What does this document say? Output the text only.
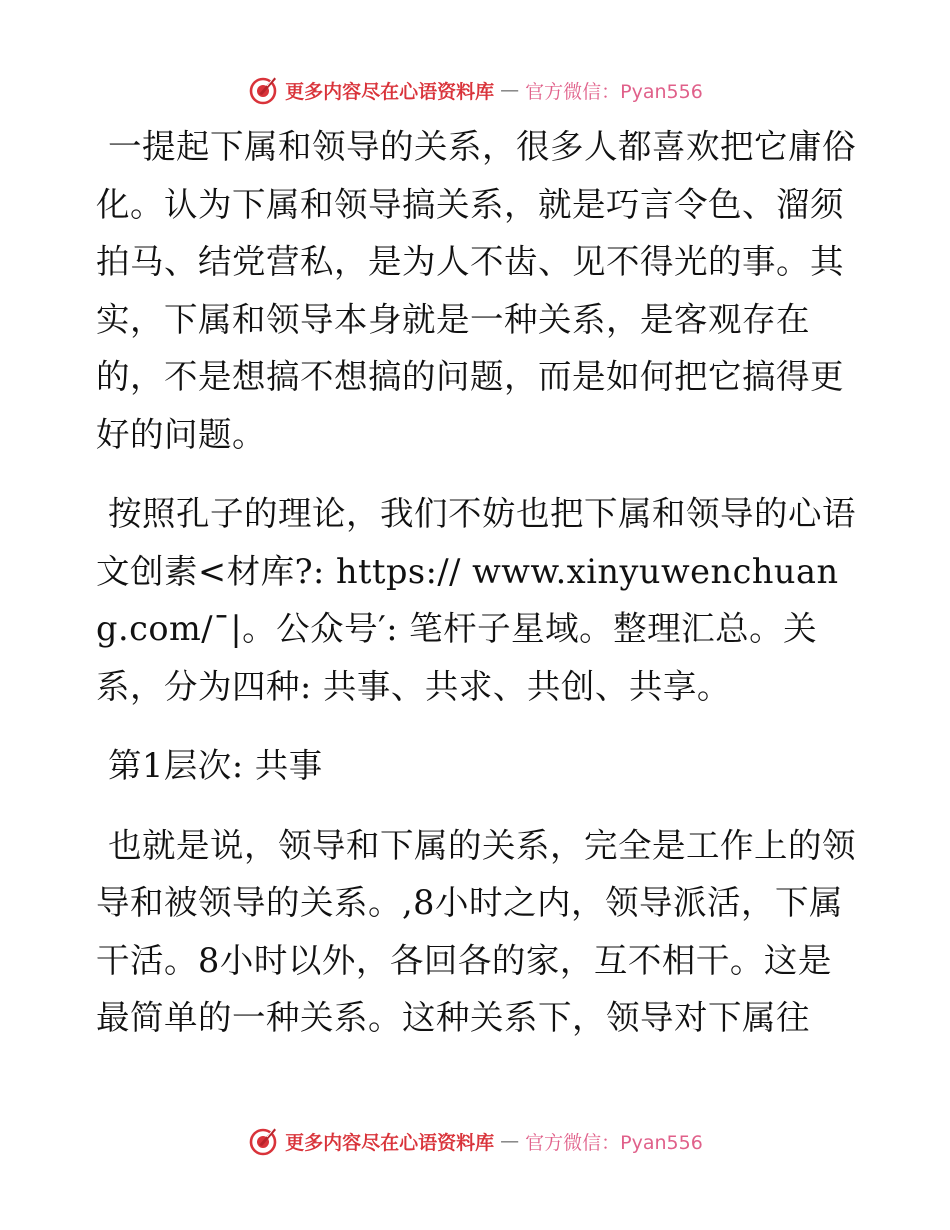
更多内容尽在心语资料库 — 官方微信：Pyan556

一提起下属和领导的关系，很多人都喜欢把它庸俗化。认为下属和领导搞关系，就是巧言令色、溜须拍马、结党营私，是为人不齿、见不得光的事。其实，下属和领导本身就是一种关系，是客观存在的，不是想搞不想搞的问题，而是如何把它搞得更好的问题。

按照孔子的理论，我们不妨也把下属和领导的心语文创素<材库?: https:// www.xinyuwenchuang.com/¯|。公众号′: 笔杆子星域。整理汇总。关系，分为四种: 共事、共求、共创、共享。

第1层次: 共事

也就是说，领导和下属的关系，完全是工作上的领导和被领导的关系。,8小时之内，领导派活，下属干活。8小时以外，各回各的家，互不相干。这是最简单的一种关系。这种关系下，领导对下属往

更多内容尽在心语资料库 — 官方微信：Pyan556
